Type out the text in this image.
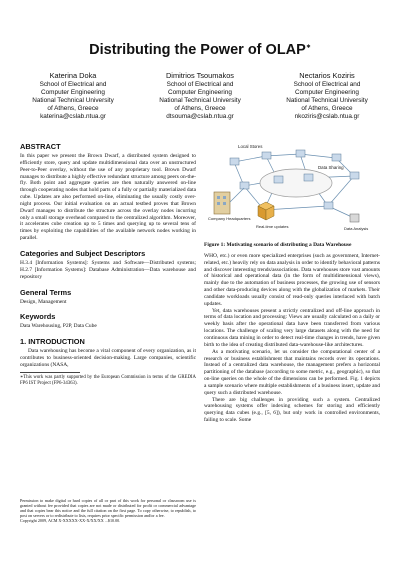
Distributing the Power of OLAP∗
Katerina Doka
School of Electrical and
Computer Engineering
National Technical University
of Athens, Greece
katerina@cslab.ntua.gr
Dimitrios Tsoumakos
School of Electrical and
Computer Engineering
National Technical University
of Athens, Greece
dtsouma@cslab.ntua.gr
Nectarios Koziris
School of Electrical and
Computer Engineering
National Technical University
of Athens, Greece
nkoziris@cslab.ntua.gr
ABSTRACT

In this paper we present the Brown Dwarf, a distributed system designed to efficiently store, query and update multidimensional data over an unstructured Peer-to-Peer overlay, without the use of any proprietary tool. Brown Dwarf manages to distribute a highly effective redundant structure among peers on-the-fly. Both point and aggregate queries are then naturally answered on-line through cooperating nodes that hold parts of a fully or partially materialized data cube. Updates are also performed on-line, eliminating the usually costly over-night process. Our initial evaluation on an actual testbed proves that Brown Dwarf manages to distribute the structure across the overlay nodes incurring only a small storage overhead compared to the centralized algorithm. Moreover, it accelerates cube creation up to 5 times and querying up to several tens of times by exploiting the capabilities of the available network nodes working in parallel.

Categories and Subject Descriptors

H.3.4 [Information Systems]: Systems and Software—Distributed systems; H.2.7 [Information Systems]: Database Administration—Data warehouse and repository

General Terms

Design, Management

Keywords

Data Warehousing, P2P, Data Cube

1. INTRODUCTION

Data warehousing has become a vital component of every organization, as it contributes to business-oriented decision-making. Large companies, scientific organizations (NASA,

∗This work was partly supported by the European Commission in terms of the GREDIA FP6 IST Project (FP6-34363).

Permission to make digital or hard copies of all or part of this work for personal or classroom use is granted without fee provided that copies are not made or distributed for profit or commercial advantage and that copies bear this notice and the full citation on the first page. To copy otherwise, to republish, to post on servers or to redistribute to lists, requires prior specific permission and/or a fee.

Copyright 2009, ACM X-XXXXX-XX-X/XX/XX ...$10.00.

Local Stores
Data Sharing
Company Headquarters
Real-time updates	Data Analysis
Figure 1: Motivating scenario of distributing a Data Warehouse

WHO, etc.) or even more specialized enterprises (such as government, Internet-related, etc.) heavily rely on data analysis in order to identify behavioral patterns and discover interesting trends/associations. Data warehouses store vast amounts of historical and operational data (in the form of multidimensional views), mainly due to the automation of business processes, the growing use of sensors and other data-producing devices along with the globalization of markets. Their candidate workloads usually consist of read-only queries interlaced with batch updates.

Yet, data warehouses present a strictly centralized and off-line approach in terms of data location and processing: Views are usually calculated on a daily or weekly basis after the operational data have been transferred from various locations. The challenge of scaling very large datasets along with the need for continuous data mining in order to detect real-time changes in trends, have given birth to the idea of creating distributed data-warehouse-like architectures.

As a motivating scenario, let us consider the computational center of a research or business establishment that maintains records over its operations. Instead of a centralized data warehouse, the management prefers a horizontal partitioning of the database (according to some metric, e.g., geographic), so that on-line queries on the whole of the dimensions can be performed. Fig. 1 depicts a sample scenario where multiple establishments of a business insert, update and query such a distributed warehouse.

There are big challenges in providing such a system. Centralized warehousing systems offer indexing schemes for storing and efficiently querying data cubes (e.g., [5, 6]), but only work in controlled environments, failing to scale. Some
